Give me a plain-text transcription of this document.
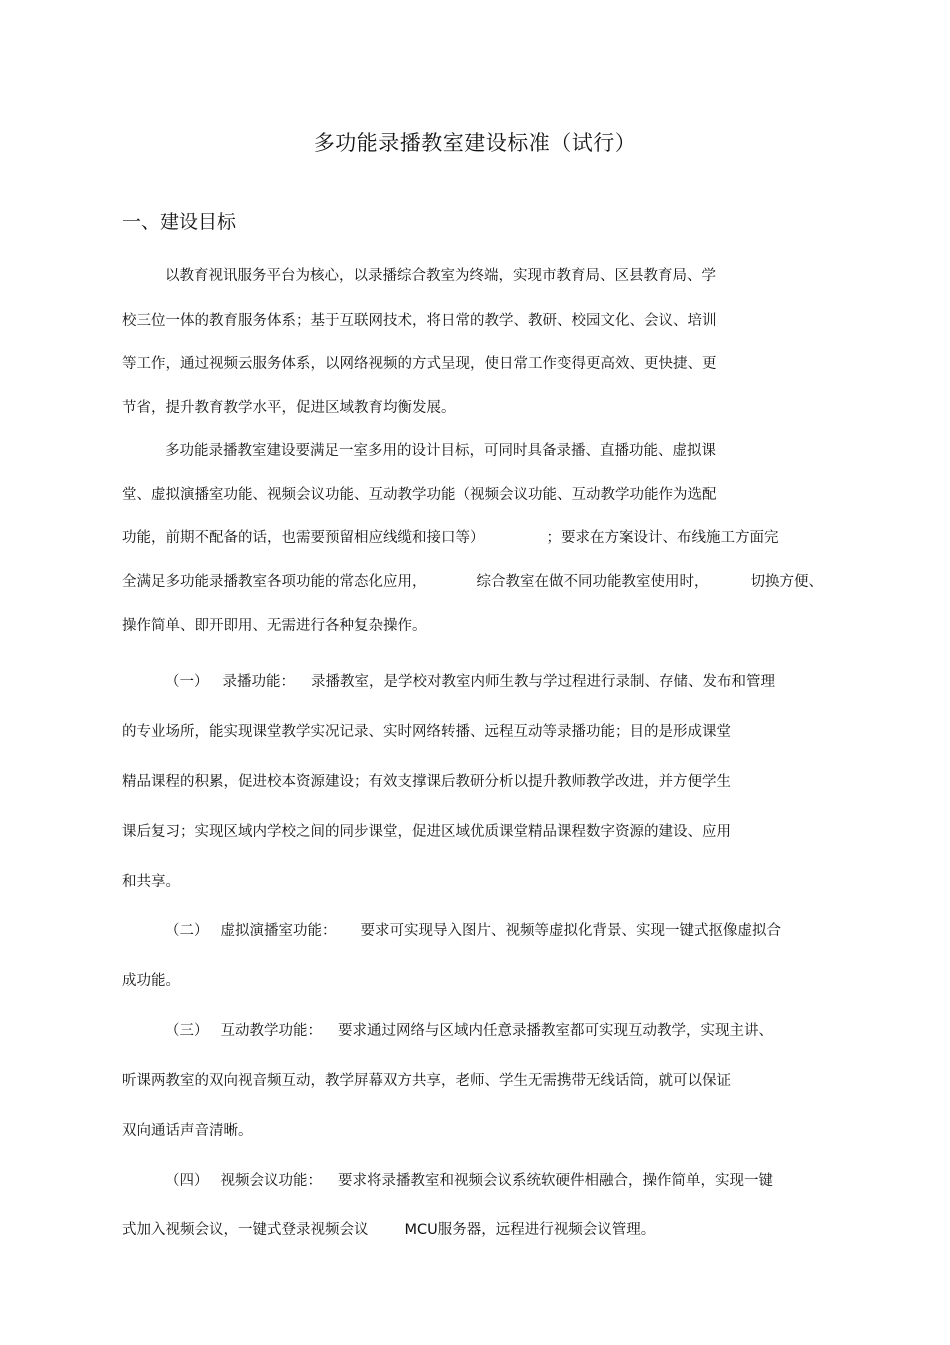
多功能录播教室建设标准（试行）
一、建设目标
以教育视讯服务平台为核心，以录播综合教室为终端，实现市教育局、区县教育局、学
校三位一体的教育服务体系；基于互联网技术，将日常的教学、教研、校园文化、会议、培训
等工作，通过视频云服务体系，以网络视频的方式呈现，使日常工作变得更高效、更快捷、更
节省，提升教育教学水平，促进区域教育均衡发展。
多功能录播教室建设要满足一室多用的设计目标，可同时具备录播、直播功能、虚拟课
堂、虚拟演播室功能、视频会议功能、互动教学功能（视频会议功能、互动教学功能作为选配
功能，前期不配备的话，也需要预留相应线缆和接口等）	；要求在方案设计、布线施工方面完
全满足多功能录播教室各项功能的常态化应用，	综合教室在做不同功能教室使用时，	切换方便、
操作简单、即开即用、无需进行各种复杂操作。
（一） 录播功能： 录播教室，是学校对教室内师生教与学过程进行录制、存储、发布和管理
的专业场所，能实现课堂教学实况记录、实时网络转播、远程互动等录播功能；目的是形成课堂
精品课程的积累，促进校本资源建设；有效支撑课后教研分析以提升教师教学改进，并方便学生
课后复习；实现区域内学校之间的同步课堂，促进区域优质课堂精品课程数字资源的建设、应用
和共享。
（二） 虚拟演播室功能： 要求可实现导入图片、视频等虚拟化背景、实现一键式抠像虚拟合
成功能。
（三） 互动教学功能： 要求通过网络与区域内任意录播教室都可实现互动教学，实现主讲、
听课两教室的双向视音频互动，教学屏幕双方共享，老师、学生无需携带无线话筒，就可以保证
双向通话声音清晰。
（四） 视频会议功能： 要求将录播教室和视频会议系统软硬件相融合，操作简单，实现一键
式加入视频会议，一键式登录视频会议 MCU服务器，远程进行视频会议管理。
